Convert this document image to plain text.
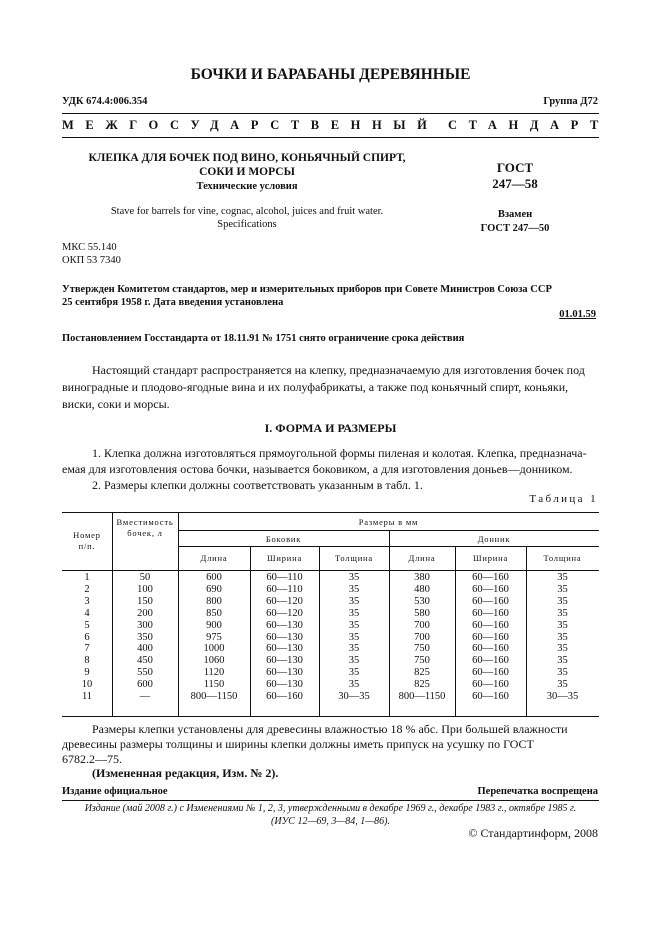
БОЧКИ И БАРАБАНЫ ДЕРЕВЯННЫЕ
УДК 674.4:006.354	Группа Д72
МЕЖГОСУДАРСТВЕННЫЙ СТАНДАРТ
КЛЕПКА ДЛЯ БОЧЕК ПОД ВИНО, КОНЬЯЧНЫЙ СПИРТ,
СОКИ И МОРСЫ
Технические условия
Stave for barrels for vine, cognac, alcohol, juices and fruit water.
Specifications
ГОСТ
247—58
Взамен
ГОСТ 247—50
МКС 55.140
ОКП 53 7340
Утвержден Комитетом стандартов, мер и измерительных приборов при Совете Министров Союза ССР
25 сентября 1958 г. Дата введения установлена
01.01.59
Постановлением Госстандарта от 18.11.91 № 1751 снято ограничение срока действия
Настоящий стандарт распространяется на клепку, предназначаемую для изготовления бочек под
виноградные и плодово-ягодные вина и их полуфабрикаты, а также под коньячный спирт, коньяки,
виски, соки и морсы.
I. ФОРМА И РАЗМЕРЫ
1. Клепка должна изготовляться прямоугольной формы пиленая и колотая. Клепка, предназнача-
емая для изготовления остова бочки, называется боковиком, а для изготовления доньев—донником.
2. Размеры клепки должны соответствовать указанным в табл. 1.
Таблица 1
Номер
п/п.
Вместимость
бочек, л
Размеры в мм
Боковик	Донник
Длина	Ширина	Толщина	Длина	Ширина	Толщина
1	50	600	60—110	35	380	60—160	35
2	100	690	60—110	35	480	60—160	35
3	150	800	60—120	35	530	60—160	35
4	200	850	60—120	35	580	60—160	35
5	300	900	60—130	35	700	60—160	35
6	350	975	60—130	35	700	60—160	35
7	400	1000	60—130	35	750	60—160	35
8	450	1060	60—130	35	750	60—160	35
9	550	1120	60—130	35	825	60—160	35
10	600	1150	60—130	35	825	60—160	35
11	—	800—1150	60—160	30—35	800—1150	60—160	30—35
Размеры клепки установлены для древесины влажностью 18 % абс. При большей влажности
древесины размеры толщины и ширины клепки должны иметь припуск на усушку по ГОСТ
6782.2—75.
(Измененная редакция, Изм. № 2).
Издание официальное	Перепечатка воспрещена
Издание (май 2008 г.) с Изменениями № 1, 2, 3, утвержденными в декабре 1969 г., декабре 1983 г., октябре 1985 г.
(ИУС 12—69, 3—84, 1—86).
© Стандартинформ, 2008
